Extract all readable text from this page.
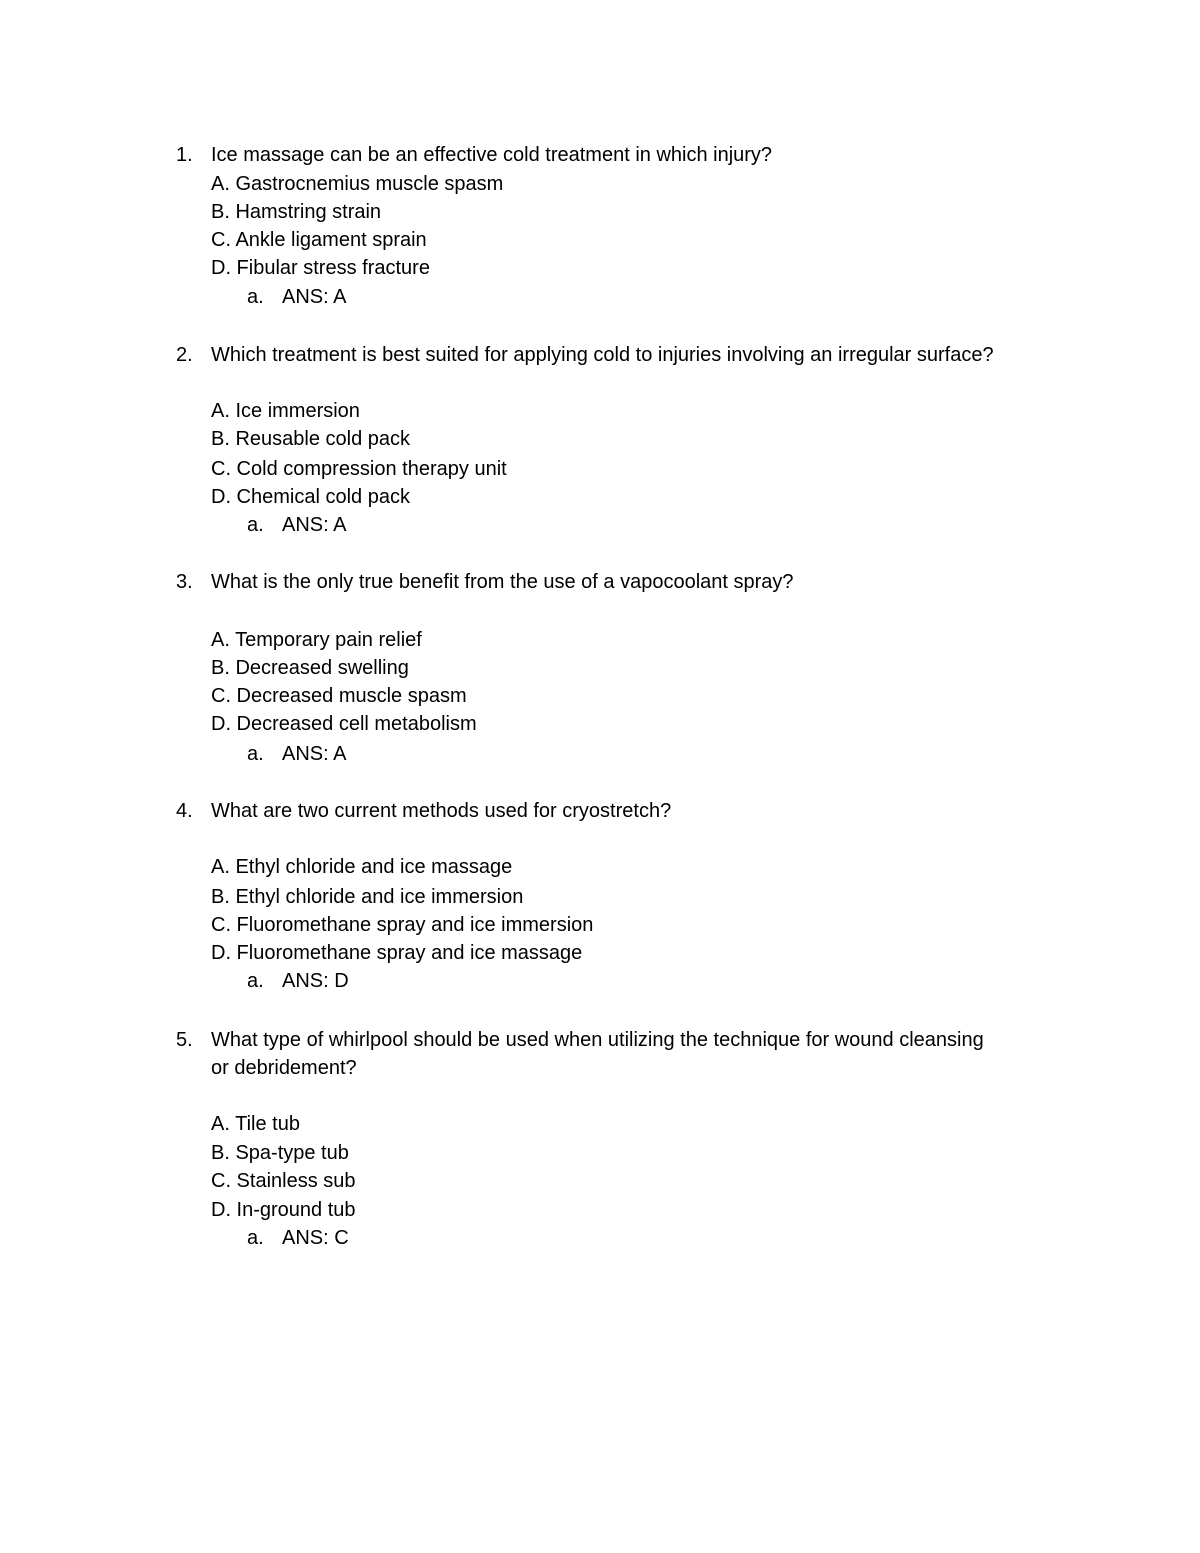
1. Ice massage can be an effective cold treatment in which injury?
A. Gastrocnemius muscle spasm
B. Hamstring strain
C. Ankle ligament sprain
D. Fibular stress fracture
a. ANS: A
2. Which treatment is best suited for applying cold to injuries involving an irregular surface?
A. Ice immersion
B. Reusable cold pack
C. Cold compression therapy unit
D. Chemical cold pack
a. ANS: A
3. What is the only true benefit from the use of a vapocoolant spray?
A. Temporary pain relief
B. Decreased swelling
C. Decreased muscle spasm
D. Decreased cell metabolism
a. ANS: A
4. What are two current methods used for cryostretch?
A. Ethyl chloride and ice massage
B. Ethyl chloride and ice immersion
C. Fluoromethane spray and ice immersion
D. Fluoromethane spray and ice massage
a. ANS: D
5. What type of whirlpool should be used when utilizing the technique for wound cleansing
or debridement?
A. Tile tub
B. Spa-type tub
C. Stainless sub
D. In-ground tub
a. ANS: C
